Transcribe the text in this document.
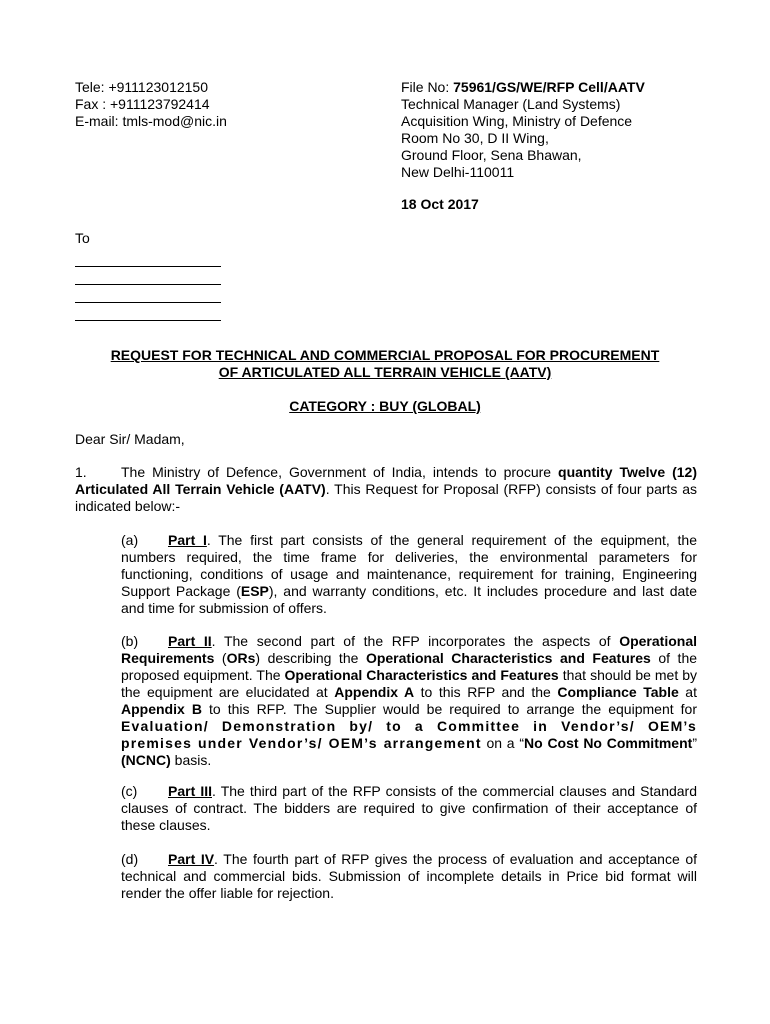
Tele: +911123012150
Fax : +911123792414
E-mail: tmls-mod@nic.in
File No: 75961/GS/WE/RFP Cell/AATV
Technical Manager (Land Systems)
Acquisition Wing, Ministry of Defence
Room No 30, D II Wing,
Ground Floor, Sena Bhawan,
New Delhi-110011
18 Oct 2017
To
REQUEST FOR TECHNICAL AND COMMERCIAL PROPOSAL FOR PROCUREMENT
OF ARTICULATED ALL TERRAIN VEHICLE (AATV)
CATEGORY : BUY (GLOBAL)
Dear Sir/ Madam,
1. The Ministry of Defence, Government of India, intends to procure quantity Twelve (12) Articulated All Terrain Vehicle (AATV). This Request for Proposal (RFP) consists of four parts as indicated below:-
(a) Part I. The first part consists of the general requirement of the equipment, the numbers required, the time frame for deliveries, the environmental parameters for functioning, conditions of usage and maintenance, requirement for training, Engineering Support Package (ESP), and warranty conditions, etc. It includes procedure and last date and time for submission of offers.
(b) Part II. The second part of the RFP incorporates the aspects of Operational Requirements (ORs) describing the Operational Characteristics and Features of the proposed equipment. The Operational Characteristics and Features that should be met by the equipment are elucidated at Appendix A to this RFP and the Compliance Table at Appendix B to this RFP. The Supplier would be required to arrange the equipment for Evaluation/ Demonstration by/ to a Committee in Vendor’s/ OEM’s premises under Vendor’s/ OEM’s arrangement on a “No Cost No Commitment” (NCNC) basis.
(c) Part III. The third part of the RFP consists of the commercial clauses and Standard clauses of contract. The bidders are required to give confirmation of their acceptance of these clauses.
(d) Part IV. The fourth part of RFP gives the process of evaluation and acceptance of technical and commercial bids. Submission of incomplete details in Price bid format will render the offer liable for rejection.
